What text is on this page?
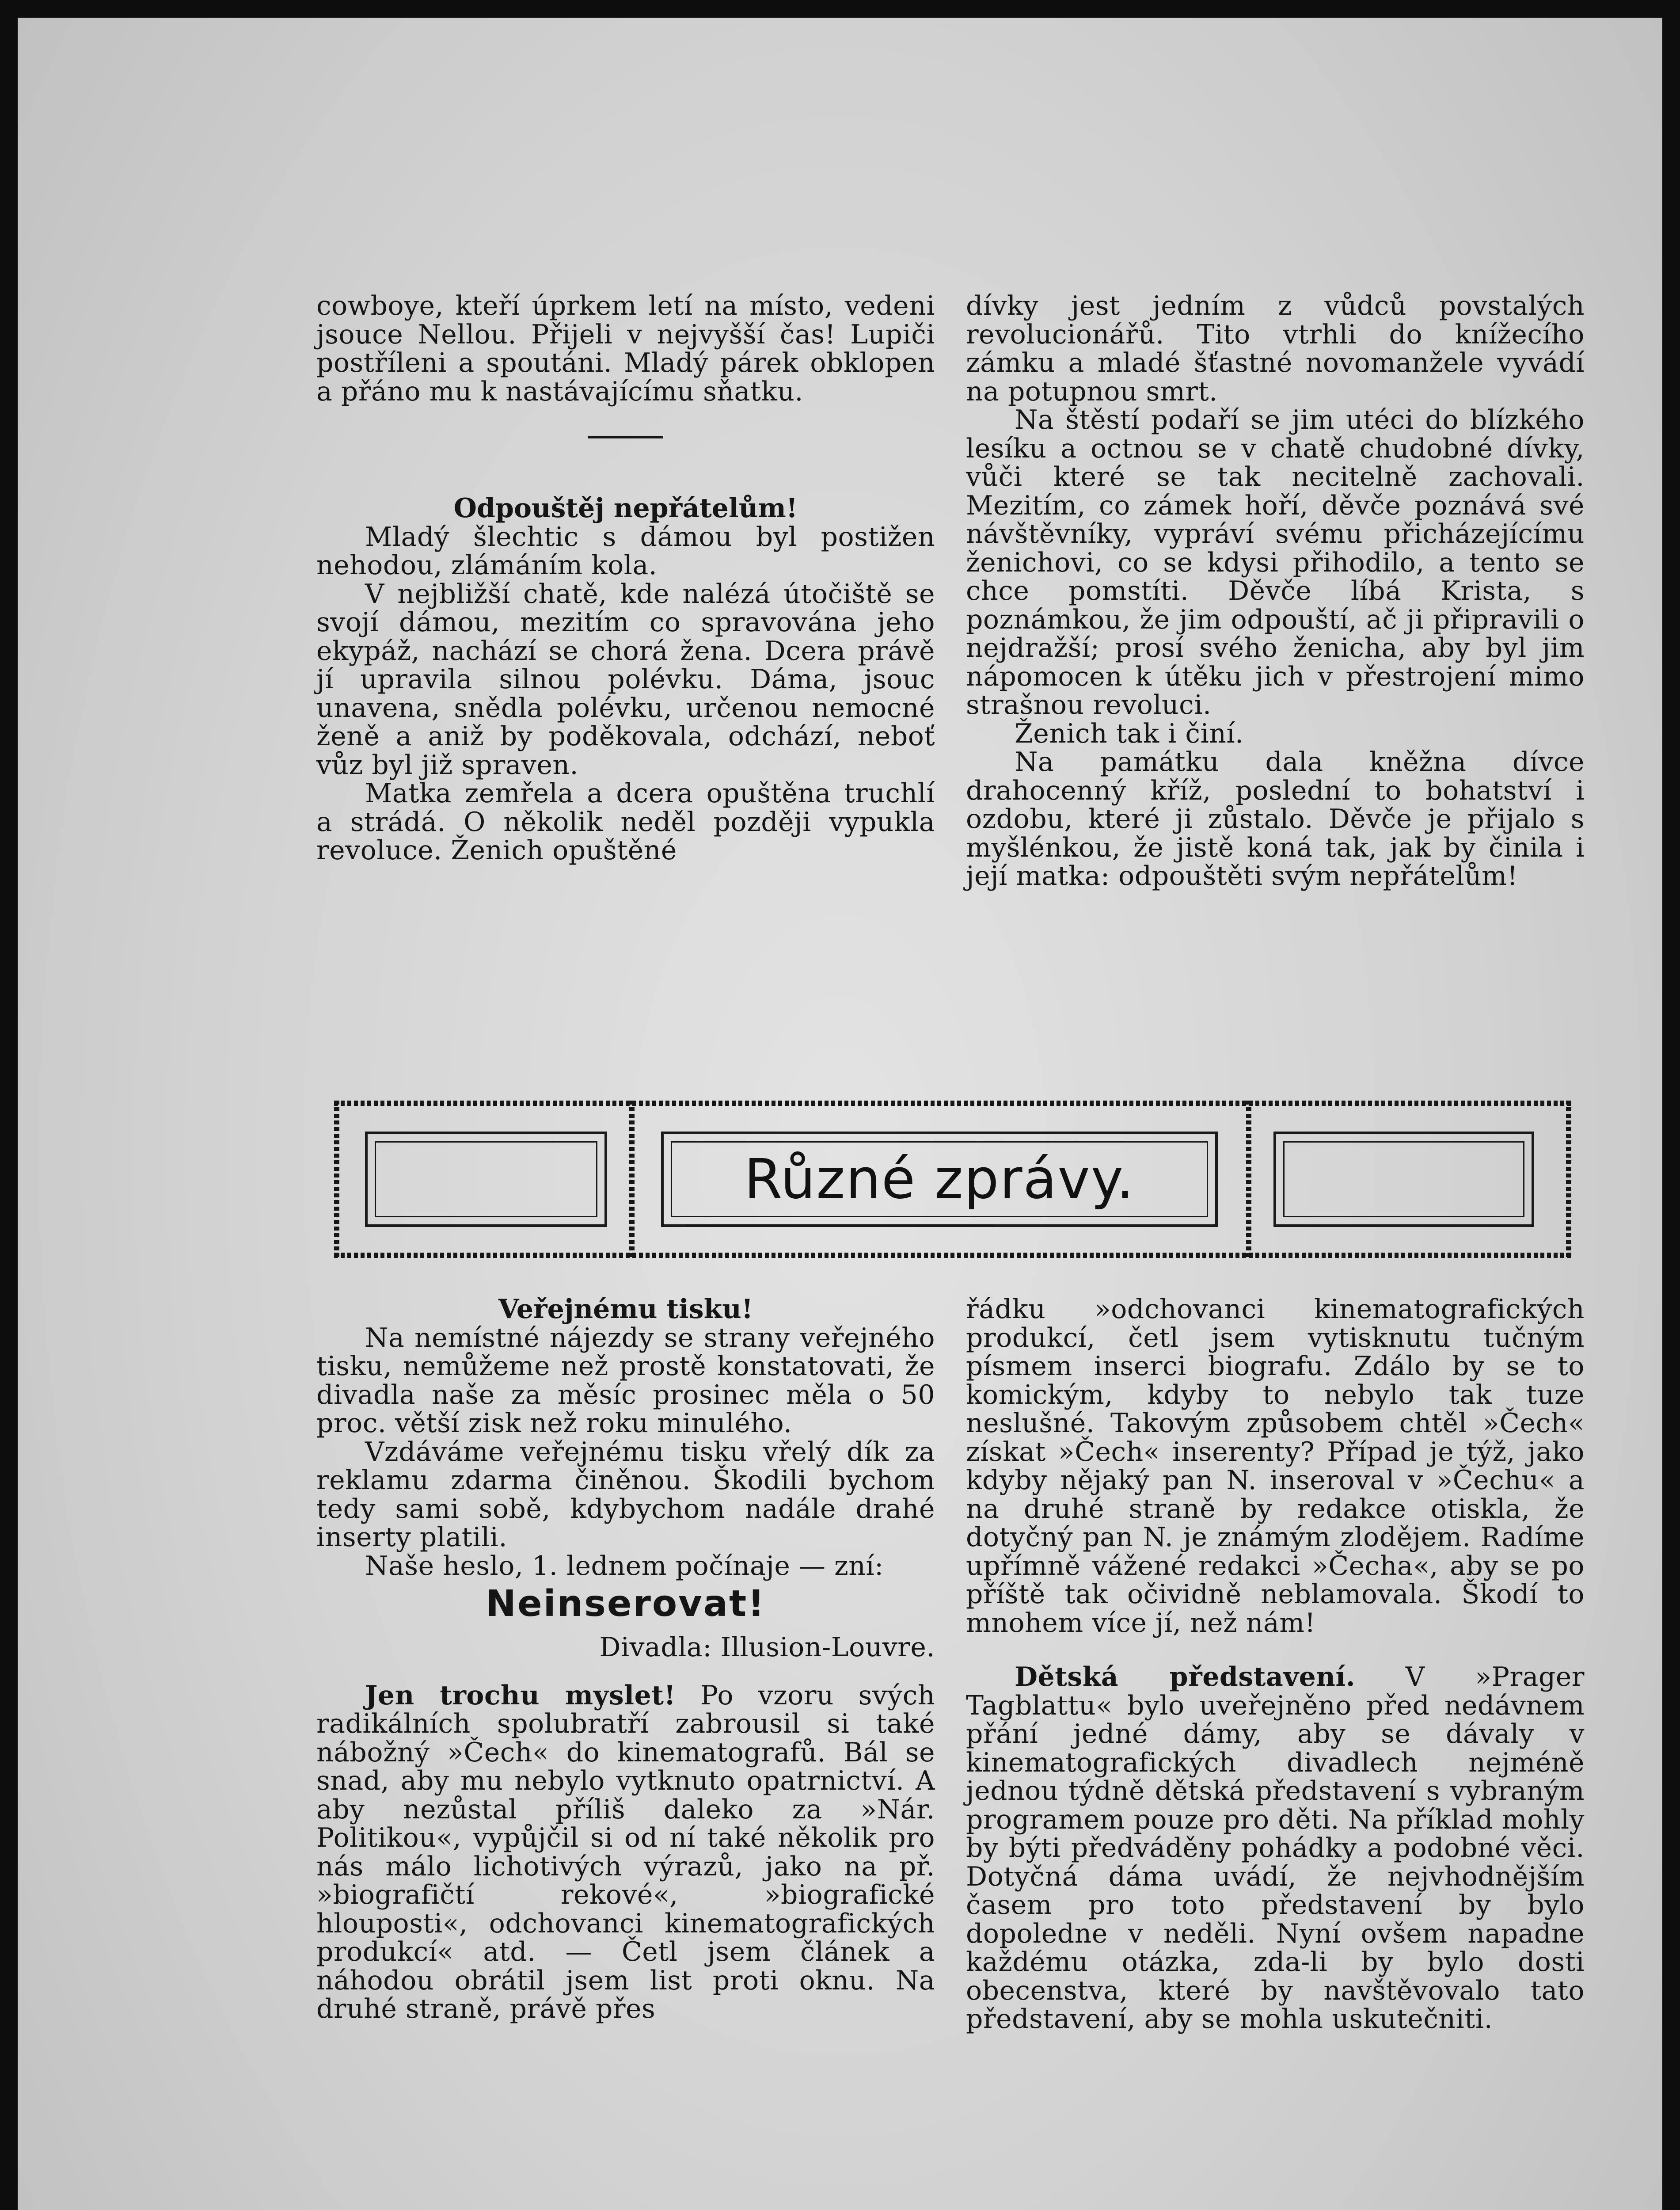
cowboye, kteří úprkem letí na místo, vedeni jsouce Nellou. Přijeli v nejvyšší čas! Lupiči postříleni a spoutáni. Mladý párek obklopen a přáno mu k nastávajícímu sňatku.

Odpouštěj nepřátelům!

Mladý šlechtic s dámou byl postižen nehodou, zlámáním kola.

V nejbližší chatě, kde nalézá útočiště se svojí dámou, mezitím co spravována jeho ekypáž, nachází se chorá žena. Dcera právě jí upravila silnou polévku. Dáma, jsouc unavena, snědla polévku, určenou nemocné ženě a aniž by poděkovala, odchází, neboť vůz byl již spraven.

Matka zemřela a dcera opuštěna truchlí a strádá. O několik neděl později vypukla revoluce. Ženich opuštěné

dívky jest jedním z vůdců povstalých revolucionářů. Tito vtrhli do knížecího zámku a mladé šťastné novomanžele vyvádí na potupnou smrt.

Na štěstí podaří se jim utéci do blízkého lesíku a octnou se v chatě chudobné dívky, vůči které se tak necitelně zachovali. Mezitím, co zámek hoří, děvče poznává své návštěvníky, vypráví svému přicházejícímu ženichovi, co se kdysi přihodilo, a tento se chce pomstíti. Děvče líbá Krista, s poznámkou, že jim odpouští, ač ji připravili o nejdražší; prosí svého ženicha, aby byl jim nápomocen k útěku jich v přestrojení mimo strašnou revoluci.

Ženich tak i činí.

Na památku dala kněžna dívce drahocenný kříž, poslední to bohatství i ozdobu, které ji zůstalo. Děvče je přijalo s myšlénkou, že jistě koná tak, jak by činila i její matka: odpouštěti svým nepřátelům!

Různé zprávy.
Veřejnému tisku!

Na nemístné nájezdy se strany veřejného tisku, nemůžeme než prostě konstatovati, že divadla naše za měsíc prosinec měla o 50 proc. větší zisk než roku minulého.

Vzdáváme veřejnému tisku vřelý dík za reklamu zdarma činěnou. Škodili bychom tedy sami sobě, kdybychom nadále drahé inserty platili.

Naše heslo, 1. lednem počínaje — zní:

Neinserovat!

Divadla: Illusion-Louvre.

Jen trochu myslet! Po vzoru svých radikálních spolubratří zabrousil si také nábožný »Čech« do kinematografů. Bál se snad, aby mu nebylo vytknuto opatrnictví. A aby nezůstal příliš daleko za »Nár. Politikou«, vypůjčil si od ní také několik pro nás málo lichotivých výrazů, jako na př. »biografičtí rekové«, »biografické hlouposti«, odchovanci kinematografických produkcí« atd. — Četl jsem článek a náhodou obrátil jsem list proti oknu. Na druhé straně, právě přes

řádku »odchovanci kinematografických produkcí, četl jsem vytisknutu tučným písmem inserci biografu. Zdálo by se to komickým, kdyby to nebylo tak tuze neslušné. Takovým způsobem chtěl »Čech« získat »Čech« inserenty? Případ je týž, jako kdyby nějaký pan N. inseroval v »Čechu« a na druhé straně by redakce otiskla, že dotyčný pan N. je známým zlodějem. Radíme upřímně vážené redakci »Čecha«, aby se po příště tak očividně neblamovala. Škodí to mnohem více jí, než nám!

Dětská představení. V »Prager Tagblattu« bylo uveřejněno před nedávnem přání jedné dámy, aby se dávaly v kinematografických divadlech nejméně jednou týdně dětská představení s vybraným programem pouze pro děti. Na příklad mohly by býti předváděny pohádky a podobné věci. Dotyčná dáma uvádí, že nejvhodnějším časem pro toto představení by bylo dopoledne v neděli. Nyní ovšem napadne každému otázka, zda-li by bylo dosti obecenstva, které by navštěvovalo tato představení, aby se mohla uskutečniti.
